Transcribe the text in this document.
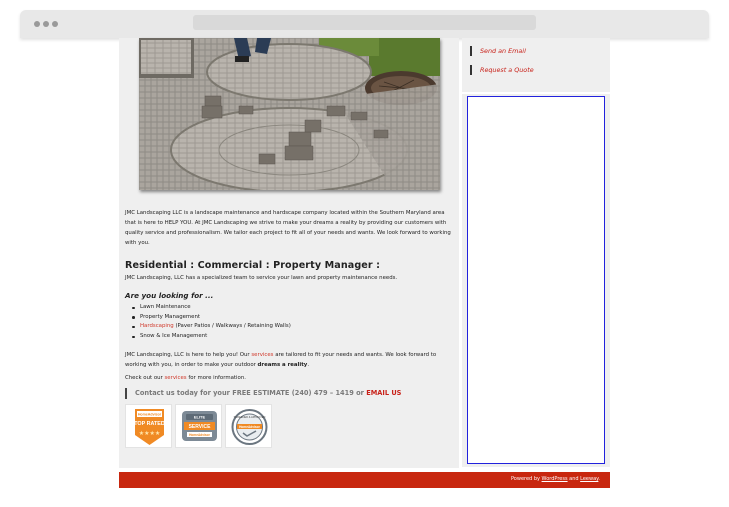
JMC Landscaping LLC is a landscape maintenance and hardscape company located within the Southern Maryland area that is here to HELP YOU. At JMC Landscaping we strive to make your dreams a reality by providing our customers with quality service and professionalism. We tailor each project to fit all of your needs and wants. We look forward to working with you.

Residential : Commercial : Property Manager :

JMC Landscaping, LLC has a specialized team to service your lawn and property maintenance needs.

Are you looking for ...
Lawn Maintenance
Property Management
Hardscaping (Paver Patios / Walkways / Retaining Walls)
Snow & Ice Management

JMC Landscaping, LLC is here to help you! Our services are tailored to fit your needs and wants. We look forward to working with you, in order to make your outdoor dreams a reality.

Check out our services for more information.

Contact us today for your FREE ESTIMATE (240) 479 – 1419 or EMAIL US
HomeAdvisor
TOP RATED
★★★★
ELITE
SERVICE
HomeAdvisor
SCREENED & APPROVED
HomeAdvisor
Send an Email
Request a Quote
Powered by WordPress and Leeway.
